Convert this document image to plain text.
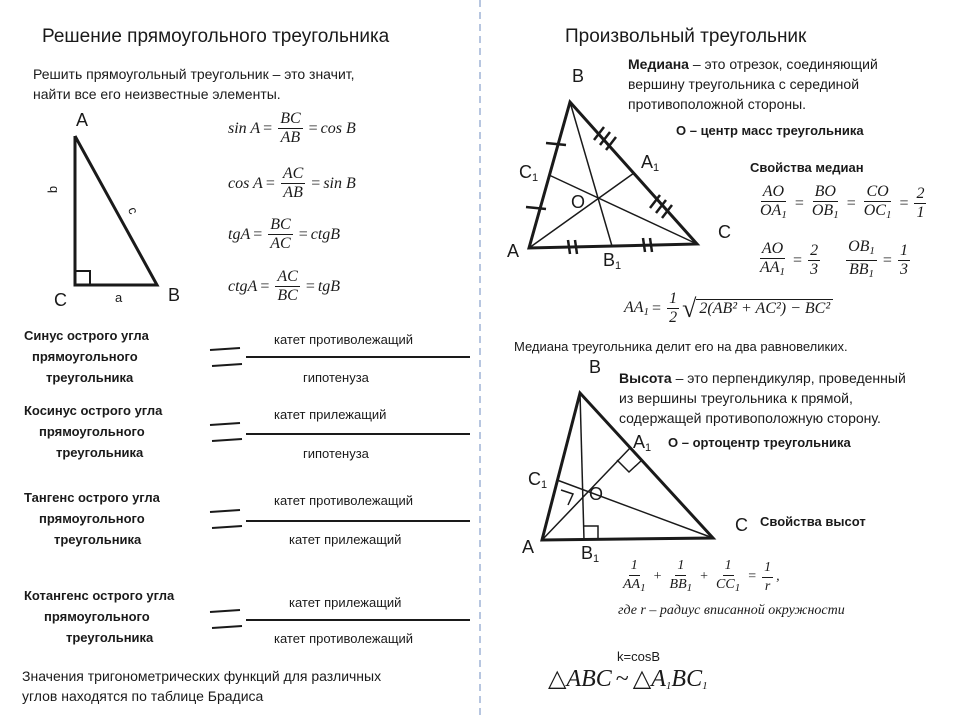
Решение прямоугольного треугольника
Решить прямоугольный треугольник – это значит,
найти все его неизвестные элементы.
A
C	B
a
b
c
$\sin A = \frac{BC}{AB} = \cos B$
$\cos A = \frac{AC}{AB} = \sin B$
tgA = $\frac{BC}{AC}$ = ctgB
ctgA = $\frac{AC}{BC}$ = tgB
Синус острого угла
прямоугольного
треугольника
катет противолежащий
гипотенуза
Косинус острого угла
прямоугольного
треугольника
катет прилежащий
гипотенуза
Тангенс острого угла
прямоугольного
треугольника
катет противолежащий
катет прилежащий
Котангенс острого угла
прямоугольного
треугольника
катет прилежащий
катет противолежащий
Значения тригонометрических функций для различных
углов находятся по таблице Брадиса
Произвольный треугольник
Медиана – это отрезок, соединяющий
вершину треугольника с серединой
противоположной стороны.
O – центр масс треугольника
Свойства медиан
B
A
C
$A_1$
$C_1$
$B_1$
O	$\frac{AO}{OA_1} = \frac{BO}{OB_1} = \frac{CO}{OC_1} = \frac{2}{1}$
$\frac{AO}{AA_1} = \frac{2}{3} \frac{OB_1}{BB_1} = \frac{1}{3}$
$AA_1 = \frac{1}{2}$ √ 2(AB² + AC²) − BC²
Медиана треугольника делит его на два равновеликих.
Высота – это перпендикуляр, проведенный
из вершины треугольника к прямой,
содержащей противоположную сторону.
O – ортоцентр треугольника
Свойства высот
B
A
C
$A_1$
$C_1$
$B_1$
O
$\frac{1}{AA_1} + \frac{1}{BB_1} + \frac{1}{CC_1} = \frac{1}{r}$ ,
где r – радиус вписанной окружности
k=cosB
△ABC ~ $\triangle A_1BC_1$
